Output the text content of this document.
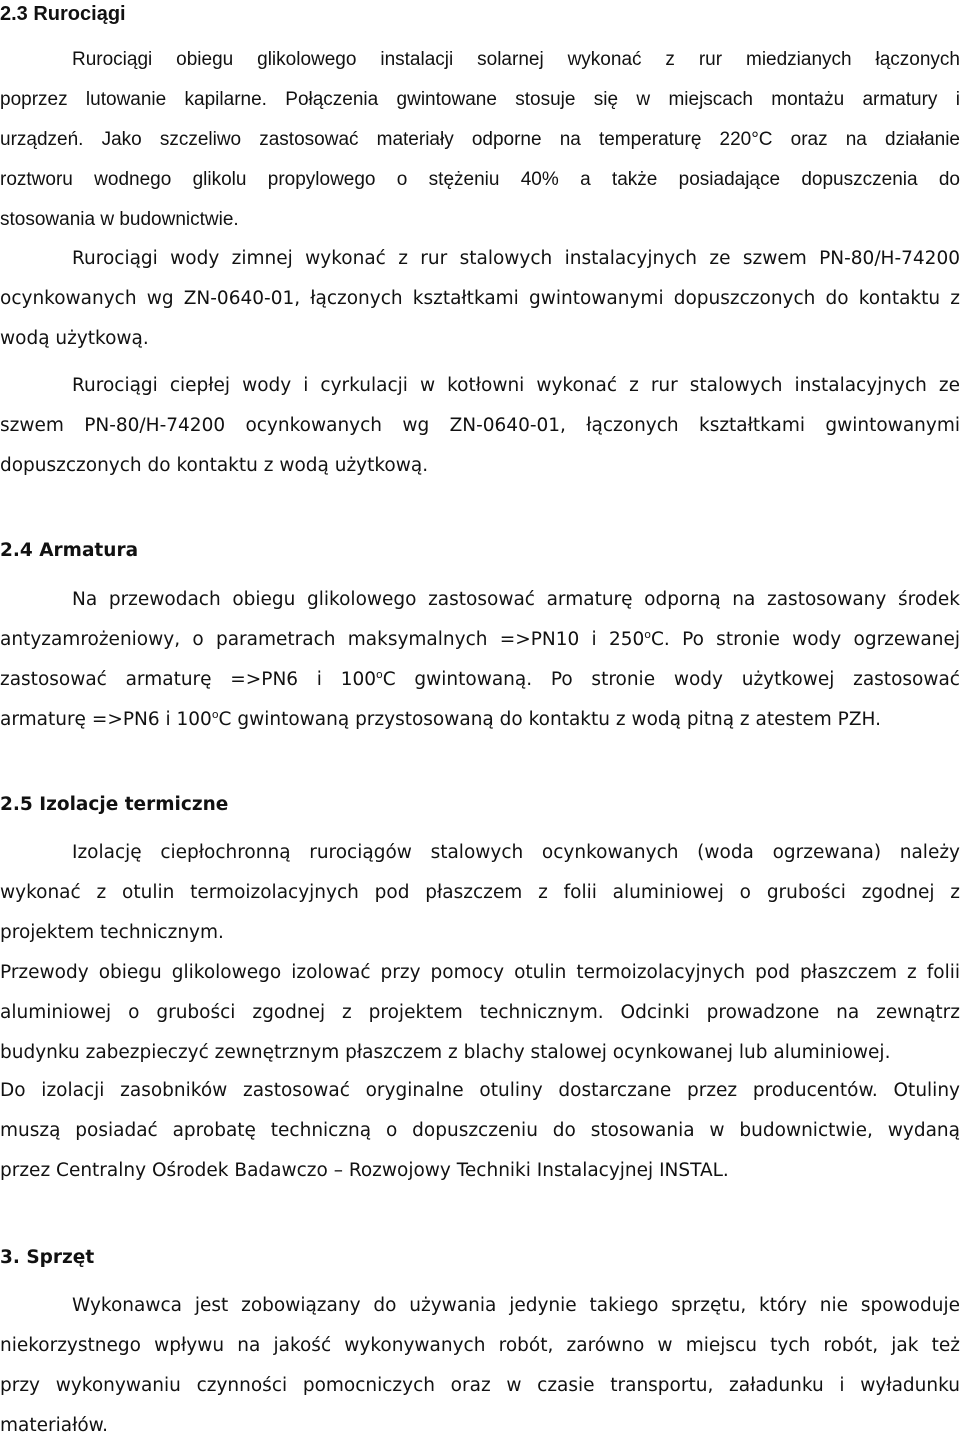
2.3 Rurociągi
Rurociągi obiegu glikolowego instalacji solarnej wykonać z rur miedzianych łączonych
poprzez lutowanie kapilarne. Połączenia gwintowane stosuje się w miejscach montażu armatury i
urządzeń. Jako szczeliwo zastosować materiały odporne na temperaturę 220°C oraz na działanie
roztworu wodnego glikolu propylowego o stężeniu 40% a także posiadające dopuszczenia do
stosowania w budownictwie.
Rurociągi wody zimnej wykonać z rur stalowych instalacyjnych ze szwem PN-80/H-74200
ocynkowanych wg ZN-0640-01, łączonych kształtkami gwintowanymi dopuszczonych do kontaktu z
wodą użytkową.
Rurociągi ciepłej wody i cyrkulacji w kotłowni wykonać z rur stalowych instalacyjnych ze
szwem PN-80/H-74200 ocynkowanych wg ZN-0640-01, łączonych kształtkami gwintowanymi
dopuszczonych do kontaktu z wodą użytkową.
2.4 Armatura
Na przewodach obiegu glikolowego zastosować armaturę odporną na zastosowany środek
antyzamrożeniowy, o parametrach maksymalnych =>PN10 i 250$^o$C. Po stronie wody ogrzewanej
zastosować armaturę =>PN6 i 100$^o$C gwintowaną. Po stronie wody użytkowej zastosować
armaturę =>PN6 i 100$^o$C gwintowaną przystosowaną do kontaktu z wodą pitną z atestem PZH.
2.5 Izolacje termiczne
Izolację ciepłochronną rurociągów stalowych ocynkowanych (woda ogrzewana) należy
wykonać z otulin termoizolacyjnych pod płaszczem z folii aluminiowej o grubości zgodnej z
projektem technicznym.
Przewody obiegu glikolowego izolować przy pomocy otulin termoizolacyjnych pod płaszczem z folii
aluminiowej o grubości zgodnej z projektem technicznym. Odcinki prowadzone na zewnątrz
budynku zabezpieczyć zewnętrznym płaszczem z blachy stalowej ocynkowanej lub aluminiowej.
Do izolacji zasobników zastosować oryginalne otuliny dostarczane przez producentów. Otuliny
muszą posiadać aprobatę techniczną o dopuszczeniu do stosowania w budownictwie, wydaną
przez Centralny Ośrodek Badawczo – Rozwojowy Techniki Instalacyjnej INSTAL.
3. Sprzęt
Wykonawca jest zobowiązany do używania jedynie takiego sprzętu, który nie spowoduje
niekorzystnego wpływu na jakość wykonywanych robót, zarówno w miejscu tych robót, jak też
przy wykonywaniu czynności pomocniczych oraz w czasie transportu, załadunku i wyładunku
materiałów.
